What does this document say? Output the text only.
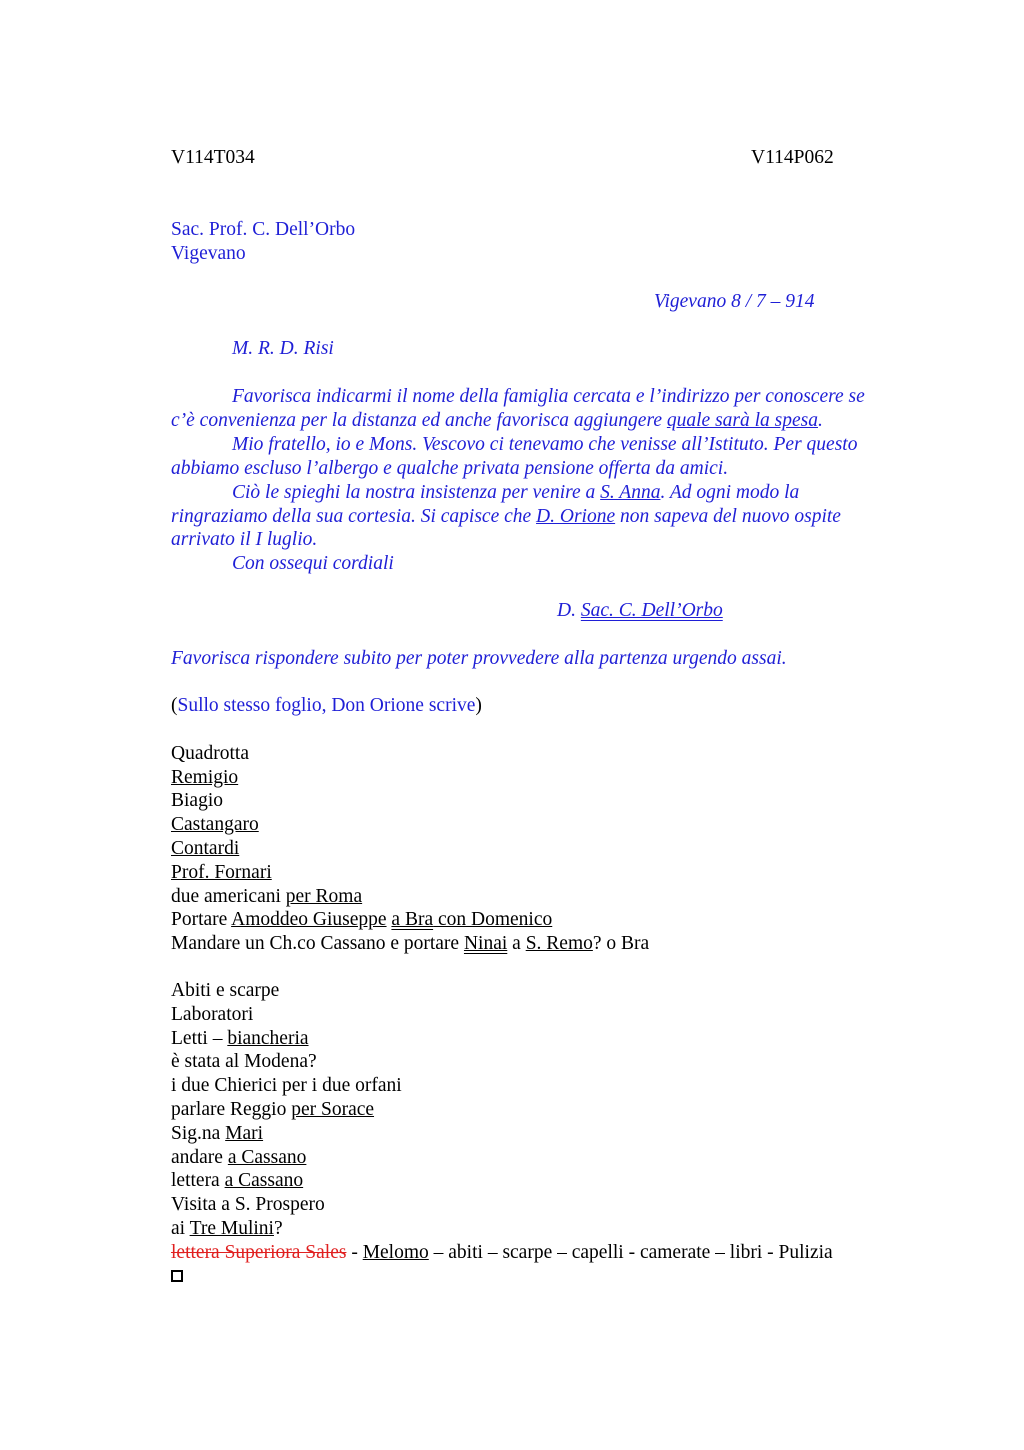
V114T034	V114P062
Sac. Prof. C. Dell’Orbo
Vigevano
Vigevano 8 / 7 – 914
M. R. D. Risi
Favorisca indicarmi il nome della famiglia cercata e l’indirizzo per conoscere se
c’è convenienza per la distanza ed anche favorisca aggiungere quale sarà la spesa.
Mio fratello, io e Mons. Vescovo ci tenevamo che venisse all’Istituto. Per questo
abbiamo escluso l’albergo e qualche privata pensione offerta da amici.
Ciò le spieghi la nostra insistenza per venire a S. Anna. Ad ogni modo la
ringraziamo della sua cortesia. Si capisce che D. Orione non sapeva del nuovo ospite
arrivato il I luglio.
Con ossequi cordiali
D. Sac. C. Dell’Orbo
Favorisca rispondere subito per poter provvedere alla partenza urgendo assai.
(Sullo stesso foglio, Don Orione scrive)
Quadrotta
Remigio
Biagio
Castangaro
Contardi
Prof. Fornari
due americani per Roma
Portare Amoddeo Giuseppe a Bra con Domenico
Mandare un Ch.co Cassano e portare Ninai a S. Remo? o Bra
Abiti e scarpe
Laboratori
Letti – biancheria
è stata al Modena?
i due Chierici per i due orfani
parlare Reggio per Sorace
Sig.na Mari
andare a Cassano
lettera a Cassano
Visita a S. Prospero
ai Tre Mulini?
lettera Superiora Sales - Melomo – abiti – scarpe – capelli - camerate – libri - Pulizia
